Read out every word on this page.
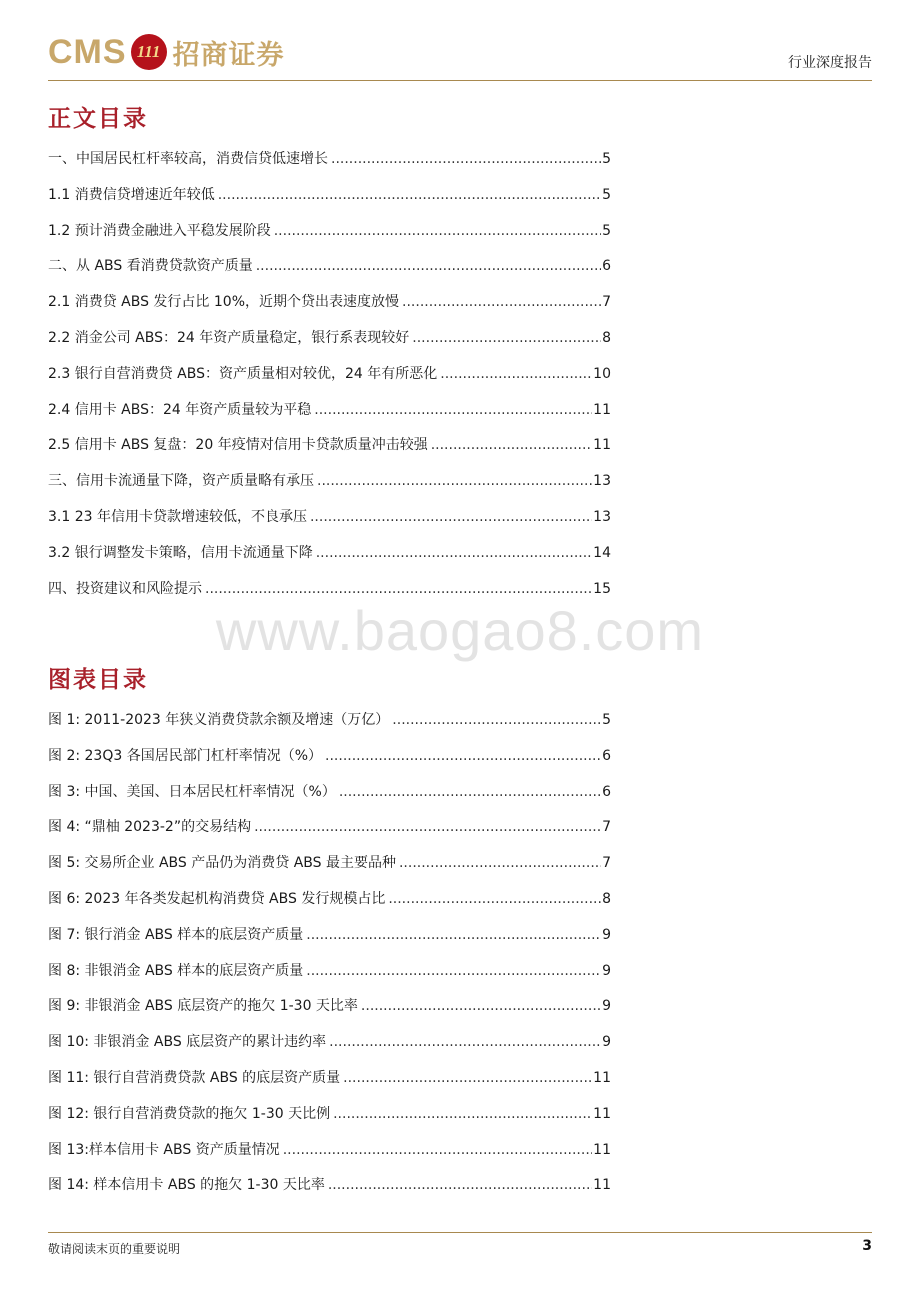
CMS 111 招商证券	行业深度报告
正文目录
一、中国居民杠杆率较高，消费信贷低速增长 .....	5
1.1 消费信贷增速近年较低 .....	5
1.2 预计消费金融进入平稳发展阶段 .....	5
二、从 ABS 看消费贷款资产质量 .....	6
2.1 消费贷 ABS 发行占比 10%，近期个贷出表速度放慢 .....	7
2.2 消金公司 ABS：24 年资产质量稳定，银行系表现较好 .....	8
2.3 银行自营消费贷 ABS：资产质量相对较优，24 年有所恶化 .....	10
2.4 信用卡 ABS：24 年资产质量较为平稳 .....	11
2.5 信用卡 ABS 复盘：20 年疫情对信用卡贷款质量冲击较强 .....	11
三、信用卡流通量下降，资产质量略有承压 .....	13
3.1 23 年信用卡贷款增速较低，不良承压 .....	13
3.2 银行调整发卡策略，信用卡流通量下降 .....	14
四、投资建议和风险提示 .....	15
www.baogao8.com
图表目录
图 1: 2011-2023 年狭义消费贷款余额及增速（万亿） .....	5
图 2: 23Q3 各国居民部门杠杆率情况（%） .....	6
图 3: 中国、美国、日本居民杠杆率情况（%） .....	6
图 4: “鼎柚 2023-2”的交易结构 .....	7
图 5: 交易所企业 ABS 产品仍为消费贷 ABS 最主要品种 .....	7
图 6: 2023 年各类发起机构消费贷 ABS 发行规模占比 .....	8
图 7: 银行消金 ABS 样本的底层资产质量 .....	9
图 8: 非银消金 ABS 样本的底层资产质量 .....	9
图 9: 非银消金 ABS 底层资产的拖欠 1-30 天比率 .....	9
图 10: 非银消金 ABS 底层资产的累计违约率 .....	9
图 11: 银行自营消费贷款 ABS 的底层资产质量 .....	11
图 12: 银行自营消费贷款的拖欠 1-30 天比例 .....	11
图 13:样本信用卡 ABS 资产质量情况 .....	11
图 14: 样本信用卡 ABS 的拖欠 1-30 天比率 .....	11
敬请阅读末页的重要说明	3
